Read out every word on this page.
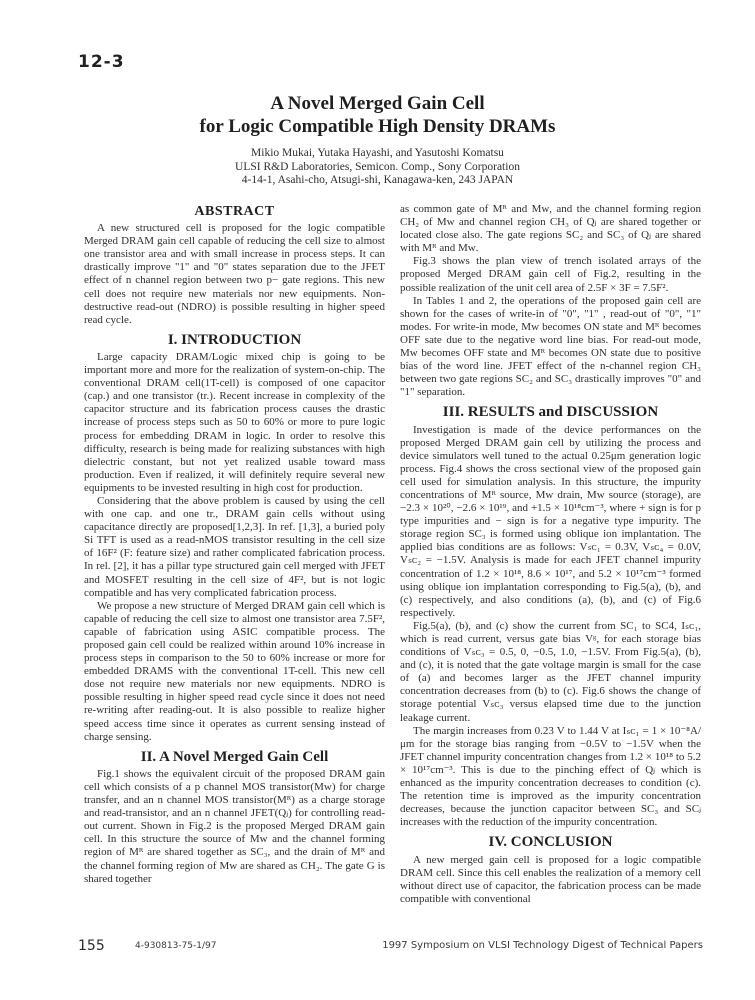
12-3
A Novel Merged Gain Cell
for Logic Compatible High Density DRAMs
Mikio Mukai, Yutaka Hayashi, and Yasutoshi Komatsu
ULSI R&D Laboratories, Semicon. Comp., Sony Corporation
4-14-1, Asahi-cho, Atsugi-shi, Kanagawa-ken, 243 JAPAN
ABSTRACT

A new structured cell is proposed for the logic compatible Merged DRAM gain cell capable of reducing the cell size to almost one transistor area and with small increase in process steps. It can drastically improve "1" and "0" states separation due to the JFET effect of n channel region between two p− gate regions. This new cell does not require new materials nor new equipments. Non-destructive read-out (NDRO) is possible resulting in higher speed read cycle.

I. INTRODUCTION

Large capacity DRAM/Logic mixed chip is going to be important more and more for the realization of system-on-chip. The conventional DRAM cell(1T-cell) is composed of one capacitor (cap.) and one transistor (tr.). Recent increase in complexity of the capacitor structure and its fabrication process causes the drastic increase of process steps such as 50 to 60% or more to pure logic process for embedding DRAM in logic. In order to resolve this difficulty, research is being made for realizing substances with high dielectric constant, but not yet realized usable toward mass production. Even if realized, it will definitely require several new equipments to be invested resulting in high cost for production.

Considering that the above problem is caused by using the cell with one cap. and one tr., DRAM gain cells without using capacitance directly are proposed[1,2,3]. In ref. [1,3], a buried poly Si TFT is used as a read-nMOS transistor resulting in the cell size of 16F² (F: feature size) and rather complicated fabrication process. In rel. [2], it has a pillar type structured gain cell merged with JFET and MOSFET resulting in the cell size of 4F², but is not logic compatible and has very complicated fabrication process.

We propose a new structure of Merged DRAM gain cell which is capable of reducing the cell size to almost one transistor area 7.5F², capable of fabrication using ASIC compatible process. The proposed gain cell could be realized within around 10% increase in process steps in comparison to the 50 to 60% increase or more for embedded DRAMS with the conventional 1T-cell. This new cell dose not require new materials nor new equipments. NDRO is possible resulting in higher speed read cycle since it does not need re-writing after reading-out. It is also possible to realize higher speed access time since it operates as current sensing instead of charge sensing.

II. A Novel Merged Gain Cell

Fig.1 shows the equivalent circuit of the proposed DRAM gain cell which consists of a p channel MOS transistor(Mᴡ) for charge transfer, and an n channel MOS transistor(Mᴿ) as a charge storage and read-transistor, and an n channel JFET(Qⱼ) for controlling read-out current. Shown in Fig.2 is the proposed Merged DRAM gain cell. In this structure the source of Mᴡ and the channel forming region of Mᴿ are shared together as SC₃, and the drain of Mᴿ and the channel forming region of Mᴡ are shared as CH₂. The gate G is shared together

as common gate of Mᴿ and Mᴡ, and the channel forming region CH₂ of Mᴡ and channel region CH₃ of Qⱼ are shared together or located close also. The gate regions SC₂ and SC₃ of Qⱼ are shared with Mᴿ and Mᴡ.

Fig.3 shows the plan view of trench isolated arrays of the proposed Merged DRAM gain cell of Fig.2, resulting in the possible realization of the unit cell area of 2.5F × 3F = 7.5F².

In Tables 1 and 2, the operations of the proposed gain cell are shown for the cases of write-in of "0", "1" , read-out of "0", "1" modes. For write-in mode, Mᴡ becomes ON state and Mᴿ becomes OFF sate due to the negative word line bias. For read-out mode, Mᴡ becomes OFF state and Mᴿ becomes ON state due to positive bias of the word line. JFET effect of the n-channel region CH₃ between two gate regions SC₂ and SC₃ drastically improves "0" and "1" separation.

III. RESULTS and DISCUSSION

Investigation is made of the device performances on the proposed Merged DRAM gain cell by utilizing the process and device simulators well tuned to the actual 0.25μm generation logic process. Fig.4 shows the cross sectional view of the proposed gain cell used for simulation analysis. In this structure, the impurity concentrations of Mᴿ source, Mᴡ drain, Mᴡ source (storage), are −2.3 × 10²⁰, −2.6 × 10¹⁹, and +1.5 × 10¹⁸cm⁻³, where + sign is for p type impurities and − sign is for a negative type impurity. The storage region SC₃ is formed using oblique ion implantation. The applied bias conditions are as follows: Vₛᴄ₁ = 0.3V, Vₛᴄ₄ = 0.0V, Vₛᴄ₂ = −1.5V. Analysis is made for each JFET channel impurity concentration of 1.2 × 10¹⁸, 8.6 × 10¹⁷, and 5.2 × 10¹⁷cm⁻³ formed using oblique ion implantation corresponding to Fig.5(a), (b), and (c) respectively, and also conditions (a), (b), and (c) of Fig.6 respectively.

Fig.5(a), (b), and (c) show the current from SC₁ to SC4, Iₛᴄ₁, which is read current, versus gate bias Vᵍ, for each storage bias conditions of Vₛᴄ₃ = 0.5, 0, −0.5, 1.0, −1.5V. From Fig.5(a), (b), and (c), it is noted that the gate voltage margin is small for the case of (a) and becomes larger as the JFET channel impurity concentration decreases from (b) to (c). Fig.6 shows the change of storage potential Vₛᴄ₃ versus elapsed time due to the junction leakage current.

The margin increases from 0.23 V to 1.44 V at Iₛᴄ₁ = 1 × 10⁻⁸A/μm for the storage bias ranging from −0.5V to −1.5V when the JFET channel impurity concentration changes from 1.2 × 10¹⁸ to 5.2 × 10¹⁷cm⁻³. This is due to the pinching effect of Qⱼ which is enhanced as the impurity concentration decreases to condition (c). The retention time is improved as the impurity concentration decreases, because the junction capacitor between SC₃ and SCⱼ increases with the reduction of the impurity concentration.

IV. CONCLUSION

A new merged gain cell is proposed for a logic compatible DRAM cell. Since this cell enables the realization of a memory cell without direct use of capacitor, the fabrication process can be made compatible with conventional

155	4-930813-75-1/97	1997 Symposium on VLSI Technology Digest of Technical Papers
